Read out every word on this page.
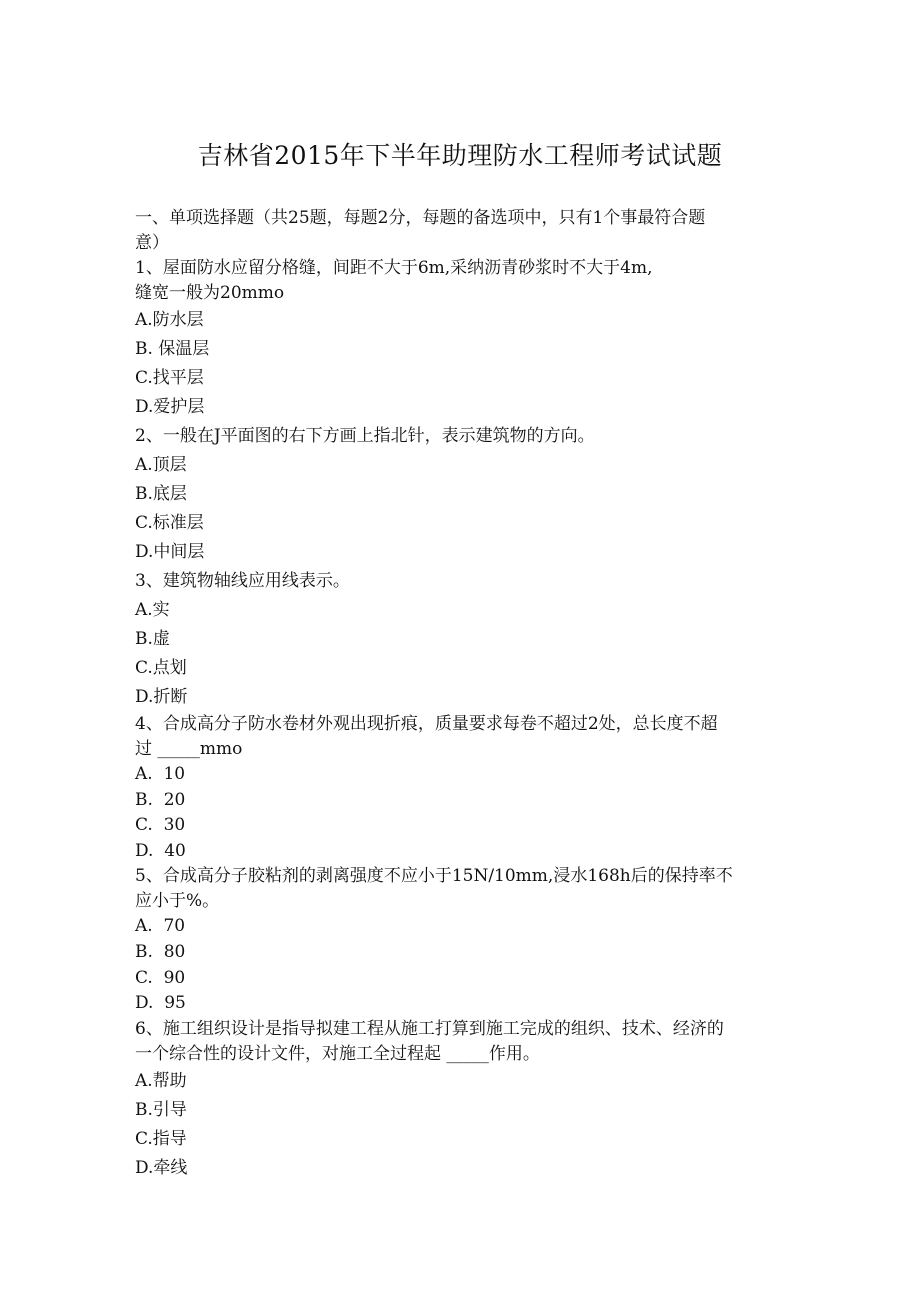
吉林省2015年下半年助理防水工程师考试试题
一、单项选择题（共25题，每题2分，每题的备选项中，只有1个事最符合题
意）
1、屋面防水应留分格缝，间距不大于6m,采纳沥青砂浆时不大于4m,
缝宽一般为20mmo
A.防水层
B. 保温层
C.找平层
D.爱护层
2、一般在J平面图的右下方画上指北针，表示建筑物的方向。
A.顶层
B.底层
C.标准层
D.中间层
3、建筑物轴线应用线表示。
A.实
B.虚
C.点划
D.折断
4、合成高分子防水卷材外观出现折痕，质量要求每卷不超过2处，总长度不超
过 _____mmo
A.  10
B.  20
C.  30
D.  40
5、合成高分子胶粘剂的剥离强度不应小于15N/10mm,浸水168h后的保持率不
应小于%。
A.  70
B.  80
C.  90
D.  95
6、施工组织设计是指导拟建工程从施工打算到施工完成的组织、技术、经济的
一个综合性的设计文件，对施工全过程起 _____作用。
A.帮助
B.引导
C.指导
D.牵线
